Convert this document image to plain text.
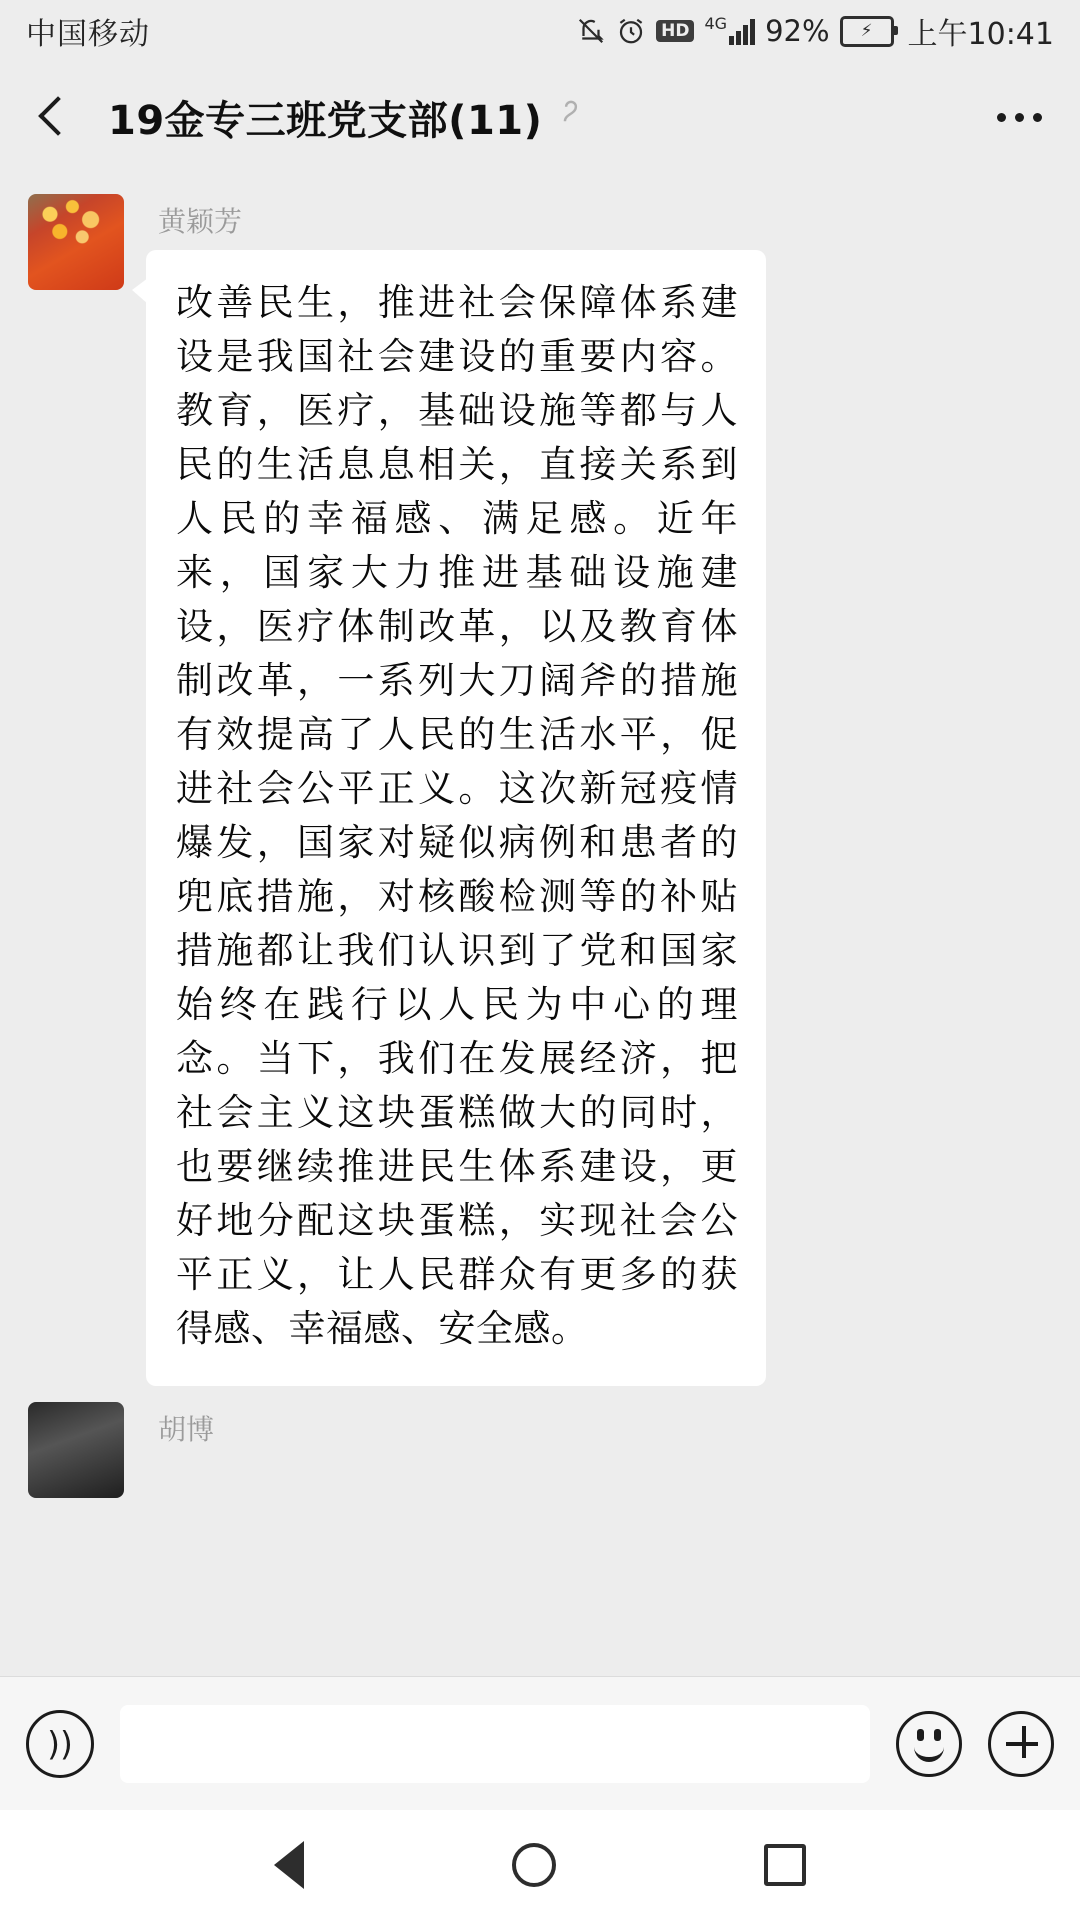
中国移动	HD 4G 92% ⚡ 上午10:41
19金专三班党支部(11)
黄颖芳
改善民生，推进社会保障体系建设是我国社会建设的重要内容。教育，医疗，基础设施等都与人民的生活息息相关，直接关系到人民的幸福感、满足感。近年来，国家大力推进基础设施建设，医疗体制改革，以及教育体制改革，一系列大刀阔斧的措施有效提高了人民的生活水平，促进社会公平正义。这次新冠疫情爆发，国家对疑似病例和患者的兜底措施，对核酸检测等的补贴措施都让我们认识到了党和国家始终在践行以人民为中心的理念。当下，我们在发展经济，把社会主义这块蛋糕做大的同时，也要继续推进民生体系建设，更好地分配这块蛋糕，实现社会公平正义，让人民群众有更多的获得感、幸福感、安全感。
胡博
))
